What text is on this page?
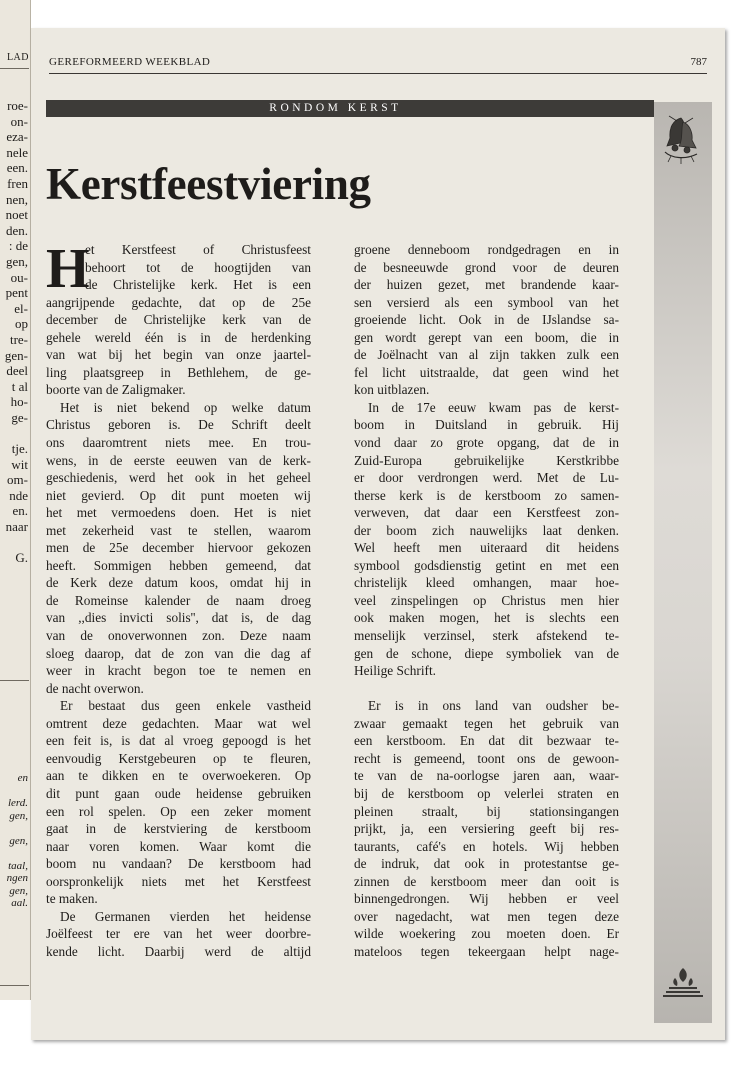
LAD
roe-
on-
eza-
nele
een.
fren
nen,
noet
den.
: de
gen,
ou-
pent
el-
op
tre-
gen-
deel
t al
ho-
ge-
tje.
wit
om-
nde
en.
naar
G.
en
lerd.
gen,
gen,
taal,
ngen
gen,
aal.
GEREFORMEERD WEEKBLAD	787
RONDOM KERST
Kerstfeestviering
H
et Kerstfeest of Christusfeest
behoort tot de hoogtijden van
de Christelijke kerk. Het is een
aangrijpende gedachte, dat op de 25e
december de Christelijke kerk van de
gehele wereld één is in de herdenking
van wat bij het begin van onze jaartel-
ling plaatsgreep in Bethlehem, de ge-
boorte van de Zaligmaker.
Het is niet bekend op welke datum
Christus geboren is. De Schrift deelt
ons daaromtrent niets mee. En trou-
wens, in de eerste eeuwen van de kerk-
geschiedenis, werd het ook in het geheel
niet gevierd. Op dit punt moeten wij
het met vermoedens doen. Het is niet
met zekerheid vast te stellen, waarom
men de 25e december hiervoor gekozen
heeft. Sommigen hebben gemeend, dat
de Kerk deze datum koos, omdat hij in
de Romeinse kalender de naam droeg
van ,,dies invicti solis'', dat is, de dag
van de onoverwonnen zon. Deze naam
sloeg daarop, dat de zon van die dag af
weer in kracht begon toe te nemen en
de nacht overwon.
Er bestaat dus geen enkele vastheid
omtrent deze gedachten. Maar wat wel
een feit is, is dat al vroeg gepoogd is het
eenvoudig Kerstgebeuren op te fleuren,
aan te dikken en te overwoekeren. Op
dit punt gaan oude heidense gebruiken
een rol spelen. Op een zeker moment
gaat in de kerstviering de kerstboom
naar voren komen. Waar komt die
boom nu vandaan? De kerstboom had
oorspronkelijk niets met het Kerstfeest
te maken.
De Germanen vierden het heidense
Joëlfeest ter ere van het weer doorbre-
kende licht. Daarbij werd de altijd
groene denneboom rondgedragen en in
de besneeuwde grond voor de deuren
der huizen gezet, met brandende kaar-
sen versierd als een symbool van het
groeiende licht. Ook in de IJslandse sa-
gen wordt gerept van een boom, die in
de Joëlnacht van al zijn takken zulk een
fel licht uitstraalde, dat geen wind het
kon uitblazen.
In de 17e eeuw kwam pas de kerst-
boom in Duitsland in gebruik. Hij
vond daar zo grote opgang, dat de in
Zuid-Europa gebruikelijke Kerstkribbe
er door verdrongen werd. Met de Lu-
therse kerk is de kerstboom zo samen-
verweven, dat daar een Kerstfeest zon-
der boom zich nauwelijks laat denken.
Wel heeft men uiteraard dit heidens
symbool godsdienstig getint en met een
christelijk kleed omhangen, maar hoe-
veel zinspelingen op Christus men hier
ook maken mogen, het is slechts een
menselijk verzinsel, sterk afstekend te-
gen de schone, diepe symboliek van de
Heilige Schrift.
Er is in ons land van oudsher be-
zwaar gemaakt tegen het gebruik van
een kerstboom. En dat dit bezwaar te-
recht is gemeend, toont ons de gewoon-
te van de na-oorlogse jaren aan, waar-
bij de kerstboom op velerlei straten en
pleinen straalt, bij stationsingangen
prijkt, ja, een versiering geeft bij res-
taurants, café's en hotels. Wij hebben
de indruk, dat ook in protestantse ge-
zinnen de kerstboom meer dan ooit is
binnengedrongen. Wij hebben er veel
over nagedacht, wat men tegen deze
wilde woekering zou moeten doen. Er
mateloos tegen tekeergaan helpt nage-
